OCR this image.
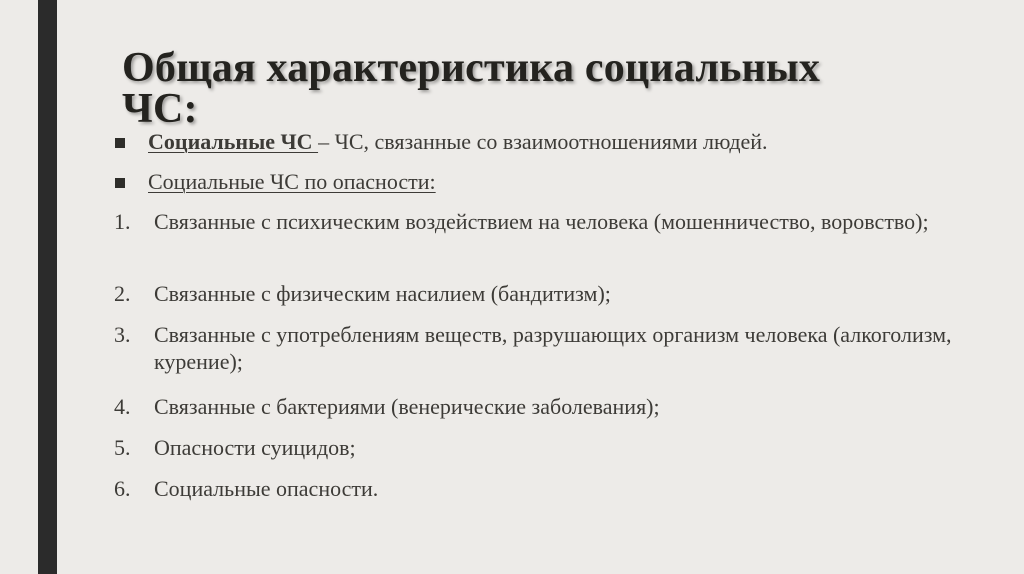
Общая характеристика социальных ЧС:
Социальные ЧС – ЧС, связанные со взаимоотношениями людей.
Социальные ЧС по опасности:
1.	Связанные с психическим воздействием на человека (мошенничество, воровство);
2.	Связанные с физическим насилием (бандитизм);
3.	Связанные с употреблениям веществ, разрушающих организм человека (алкоголизм, курение);
4.	Связанные с бактериями (венерические заболевания);
5.	Опасности суицидов;
6.	Социальные опасности.
